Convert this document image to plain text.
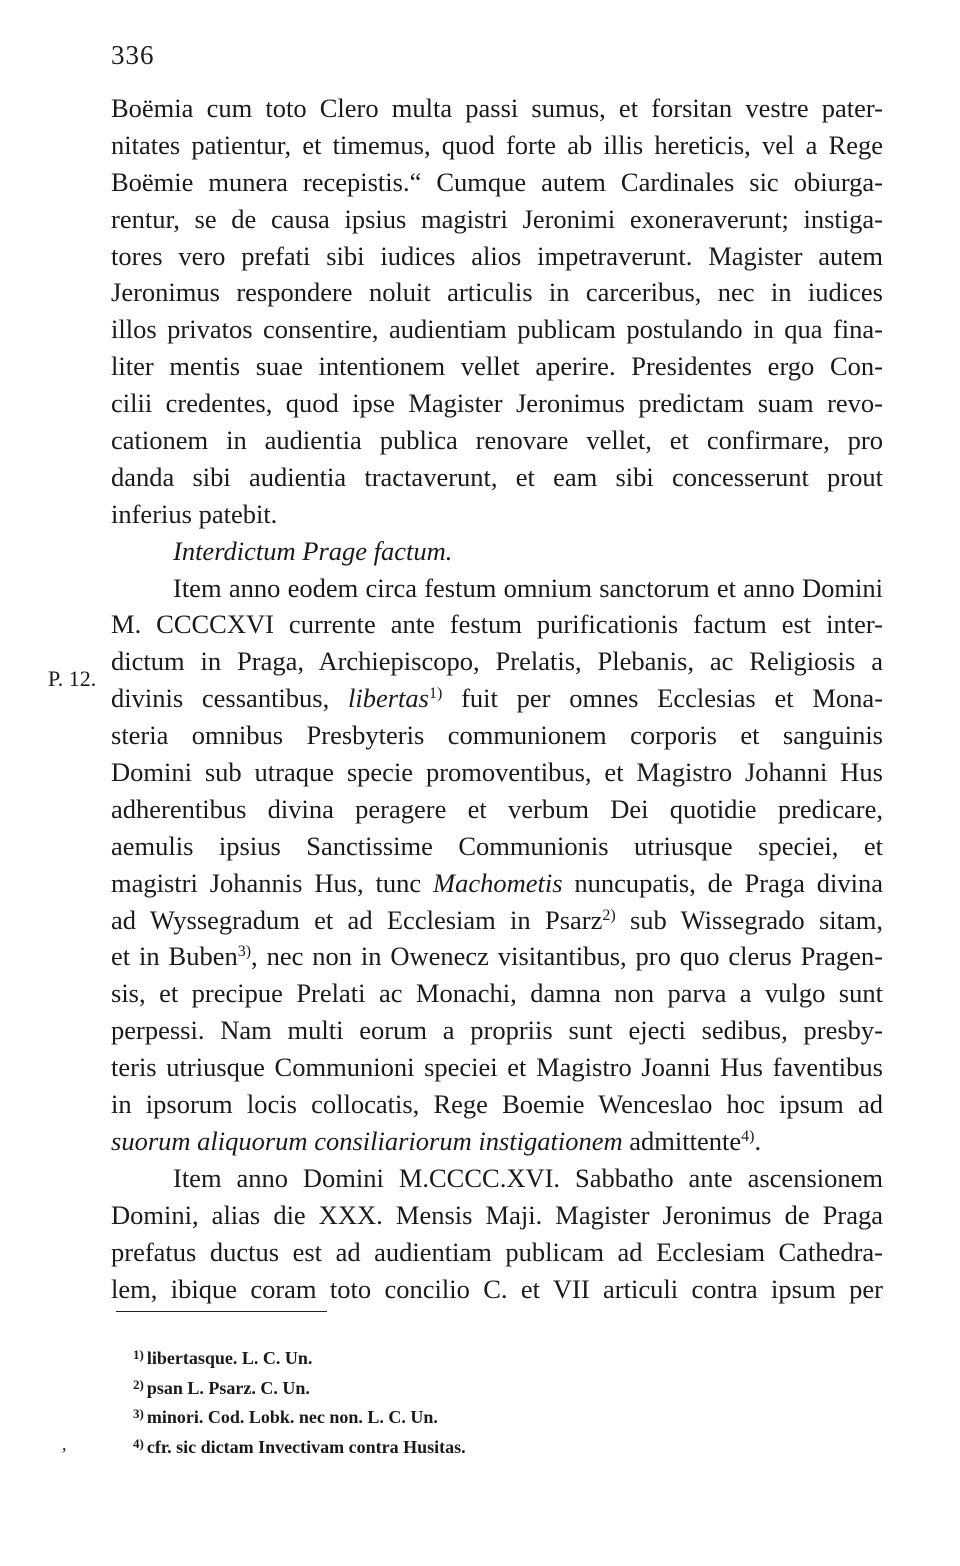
336
P. 12.
Boëmia cum toto Clero multa passi sumus, et forsitan vestre pater-
nitates patientur, et timemus, quod forte ab illis hereticis, vel a Rege
Boëmie munera recepistis.“ Cumque autem Cardinales sic obiurga-
rentur, se de causa ipsius magistri Jeronimi exoneraverunt; instiga-
tores vero prefati sibi iudices alios impetraverunt. Magister autem
Jeronimus respondere noluit articulis in carceribus, nec in iudices
illos privatos consentire, audientiam publicam postulando in qua fina-
liter mentis suae intentionem vellet aperire. Presidentes ergo Con-
cilii credentes, quod ipse Magister Jeronimus predictam suam revo-
cationem in audientia publica renovare vellet, et confirmare, pro
danda sibi audientia tractaverunt, et eam sibi concesserunt prout
inferius patebit.
Interdictum Prage factum.
Item anno eodem circa festum omnium sanctorum et anno Domini
M. CCCCXVI currente ante festum purificationis factum est inter-
dictum in Praga, Archiepiscopo, Prelatis, Plebanis, ac Religiosis a
divinis cessantibus, libertas$^{1)}$ fuit per omnes Ecclesias et Mona-
steria omnibus Presbyteris communionem corporis et sanguinis
Domini sub utraque specie promoventibus, et Magistro Johanni Hus
adherentibus divina peragere et verbum Dei quotidie predicare,
aemulis ipsius Sanctissime Communionis utriusque speciei, et
magistri Johannis Hus, tunc Machometis nuncupatis, de Praga divina
ad Wyssegradum et ad Ecclesiam in Psarz$^{2)}$ sub Wissegrado sitam,
et in Buben$^{3)}$, nec non in Owenecz visitantibus, pro quo clerus Pragen-
sis, et precipue Prelati ac Monachi, damna non parva a vulgo sunt
perpessi. Nam multi eorum a propriis sunt ejecti sedibus, presby-
teris utriusque Communioni speciei et Magistro Joanni Hus faventibus
in ipsorum locis collocatis, Rege Boemie Wenceslao hoc ipsum ad
suorum aliquorum consiliariorum instigationem admittente$^{4)}$.
Item anno Domini M.CCCC.XVI. Sabbatho ante ascensionem
Domini, alias die XXX. Mensis Maji. Magister Jeronimus de Praga
prefatus ductus est ad audientiam publicam ad Ecclesiam Cathedra-
lem, ibique coram toto concilio C. et VII articuli contra ipsum per
$^{1)}$ libertasque. L. C. Un.
$^{2)}$ psan L. Psarz. C. Un.
$^{3)}$ minori. Cod. Lobk. nec non. L. C. Un.
$^{4)}$ cfr. sic dictam Invectivam contra Husitas.
,
